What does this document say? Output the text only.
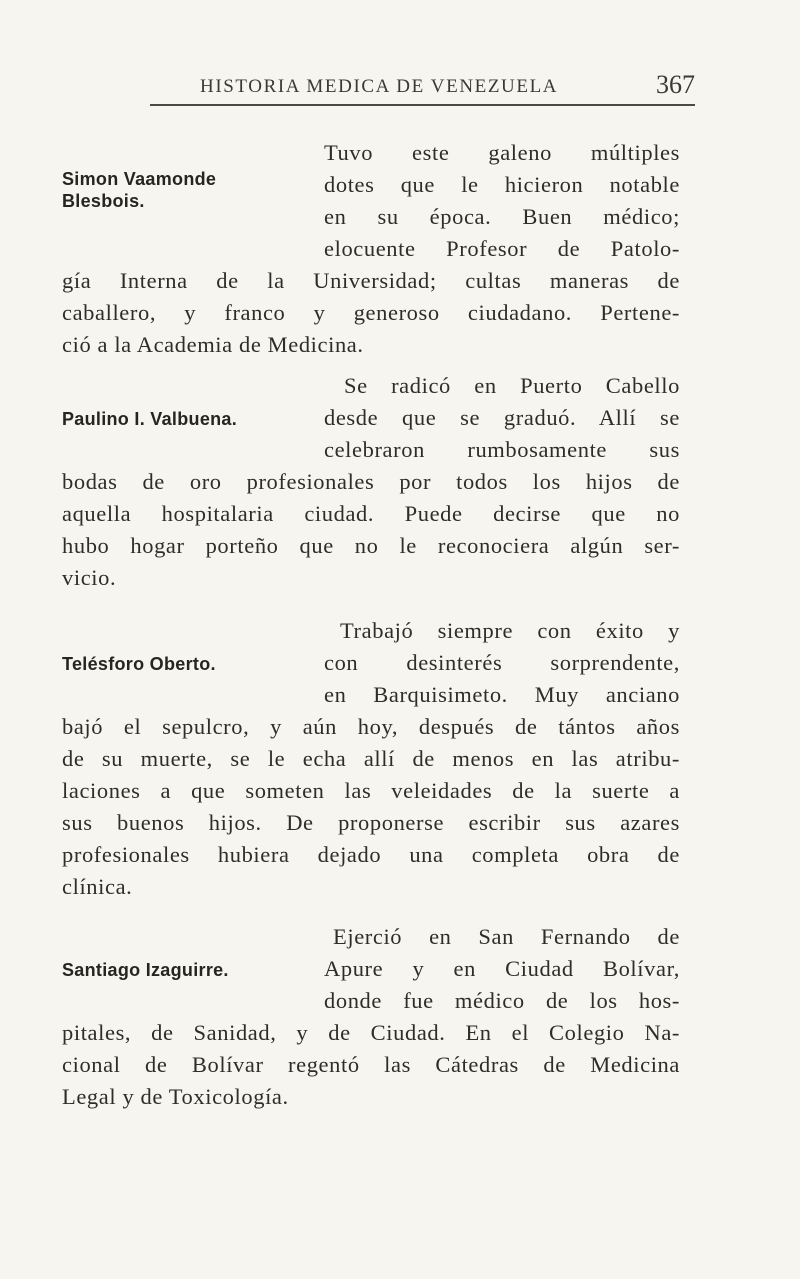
HISTORIA MEDICA DE VENEZUELA	367
Simon Vaamonde
Blesbois.
Tuvo este galeno múltiples
dotes que le hicieron notable
en su época. Buen médico;
elocuente Profesor de Patolo-
gía Interna de la Universidad; cultas maneras de
caballero, y franco y generoso ciudadano. Pertene-
ció a la Academia de Medicina.
Paulino I. Valbuena.
Se radicó en Puerto Cabello
desde que se graduó. Allí se
celebraron rumbosamente sus
bodas de oro profesionales por todos los hijos de
aquella hospitalaria ciudad. Puede decirse que no
hubo hogar porteño que no le reconociera algún ser-
vicio.
Telésforo Oberto.
Trabajó siempre con éxito y
con desinterés sorprendente,
en Barquisimeto. Muy anciano
bajó el sepulcro, y aún hoy, después de tántos años
de su muerte, se le echa allí de menos en las atribu-
laciones a que someten las veleidades de la suerte a
sus buenos hijos. De proponerse escribir sus azares
profesionales hubiera dejado una completa obra de
clínica.
Santiago Izaguirre.
Ejerció en San Fernando de
Apure y en Ciudad Bolívar,
donde fue médico de los hos-
pitales, de Sanidad, y de Ciudad. En el Colegio Na-
cional de Bolívar regentó las Cátedras de Medicina
Legal y de Toxicología.
